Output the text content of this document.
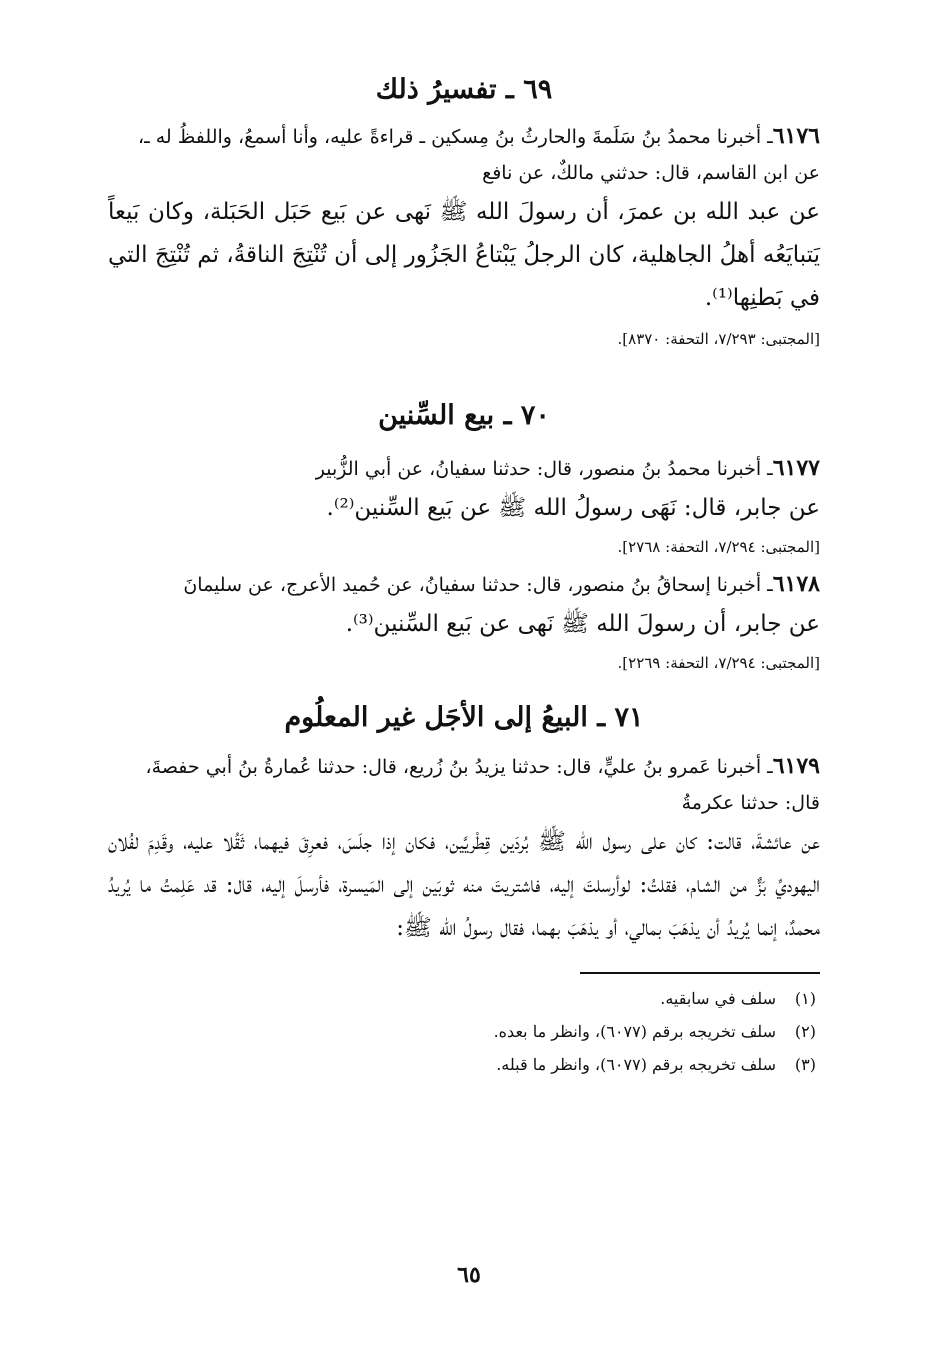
٦٩ ـ تفسيرُ ذلك

٦١٧٦ـ أخبرنا محمدُ بنُ سَلَمةَ والحارثُ بنُ مِسكين ـ قراءةً عليه، وأنا أسمعُ، واللفظُ له ـ، عن ابن القاسم، قال: حدثني مالكٌ، عن نافع

عن عبد الله بن عمرَ، أن رسولَ الله ﷺ نَهى عن بَيع حَبَل الحَبَلة، وكان بَيعاً يَتبايَعُه أهلُ الجاهلية، كان الرجلُ يَبْتاعُ الجَزُور إلى أن تُنْتِجَ الناقةُ، ثم تُنْتِجَ التي في بَطنِها⁽¹⁾.

[المجتبى: ٧/٢٩٣، التحفة: ٨٣٧٠].

٧٠ ـ بيع السِّنين

٦١٧٧ـ أخبرنا محمدُ بنُ منصور، قال: حدثنا سفيانُ، عن أبي الزُّبير

عن جابر، قال: نَهَى رسولُ الله ﷺ عن بَيع السِّنين⁽²⁾.

[المجتبى: ٧/٢٩٤، التحفة: ٢٧٦٨].

٦١٧٨ـ أخبرنا إسحاقُ بنُ منصور، قال: حدثنا سفيانُ، عن حُميد الأعرج، عن سليمانَ

عن جابر، أن رسولَ الله ﷺ نَهى عن بَيع السِّنين⁽³⁾.

[المجتبى: ٧/٢٩٤، التحفة: ٢٢٦٩].

٧١ ـ البيعُ إلى الأجَل غير المعلُوم

٦١٧٩ـ أخبرنا عَمرو بنُ عليٍّ، قال: حدثنا يزيدُ بنُ زُريع، قال: حدثنا عُمارةُ بنُ أبي حفصةَ، قال: حدثنا عكرمةُ

عن عائشةَ، قالت: كان على رسول الله ﷺ بُردَين قِطْريَّين، فكان إذا جلَسَ، فعرِقَ فيهما، ثَقُلا عليه، وقَدِمَ لفُلان اليهوديِّ بَزٌّ من الشام، فقلتُ: لوأرسلتَ إليه، فاشتريتَ منه ثوبَين إلى المَيسرة، فأرسلَ إليه، قال: قد عَلِمتُ ما يُريدُ محمدٌ، إنما يُريدُ أن يذهَبَ بمالي، أو يذهَبَ بهما، فقال رسولُ الله ﷺ:

(١)سلف في سابقيه.

(٢)سلف تخريجه برقم (٦٠٧٧)، وانظر ما بعده.

(٣)سلف تخريجه برقم (٦٠٧٧)، وانظر ما قبله.

٦٥
